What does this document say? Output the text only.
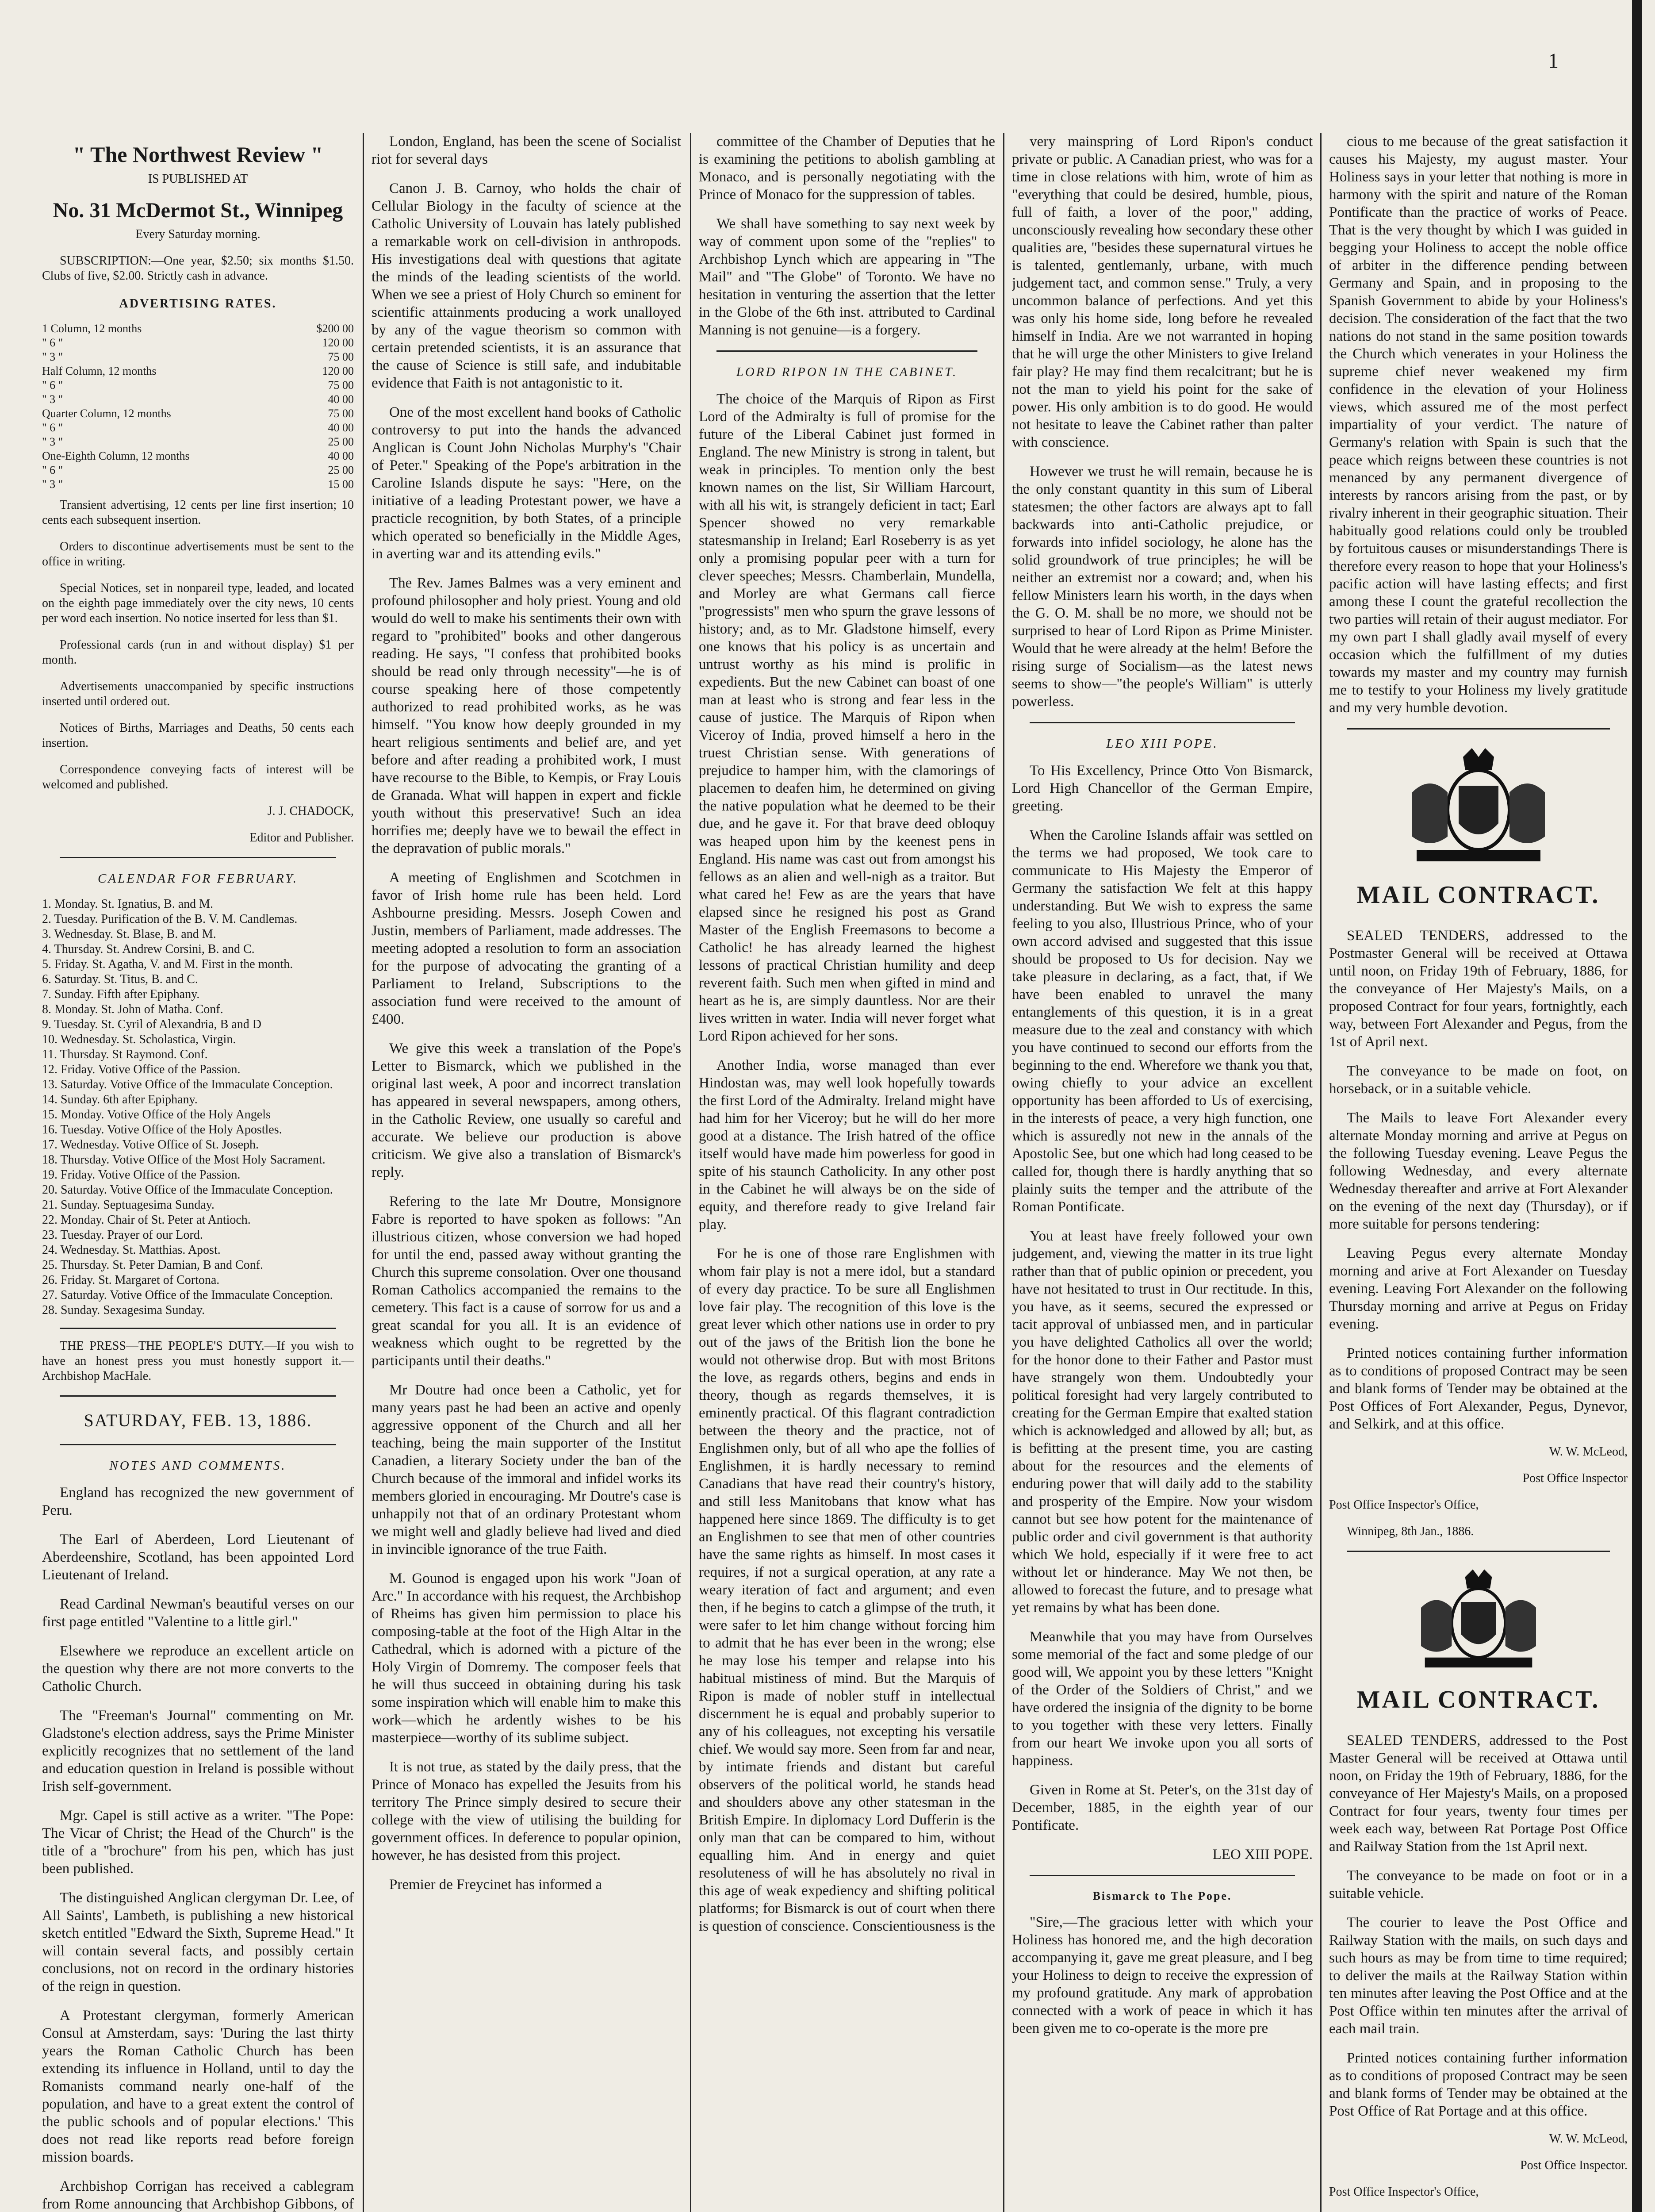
1
" The Northwest Review "

IS PUBLISHED AT

No. 31 McDermot St., Winnipeg

Every Saturday morning.

SUBSCRIPTION:—One year, $2.50; six months $1.50. Clubs of five, $2.00. Strictly cash in advance.

ADVERTISING RATES.
1 Column, 12 months	$200 00
" 6 "	120 00
" 3 "	75 00
Half Column, 12 months	120 00
" 6 "	75 00
" 3 "	40 00
Quarter Column, 12 months	75 00
" 6 "	40 00
" 3 "	25 00
One-Eighth Column, 12 months	40 00
" 6 "	25 00
" 3 "	15 00

Transient advertising, 12 cents per line first insertion; 10 cents each subsequent insertion.

Orders to discontinue advertisements must be sent to the office in writing.

Special Notices, set in nonpareil type, leaded, and located on the eighth page immediately over the city news, 10 cents per word each insertion. No notice inserted for less than $1.

Professional cards (run in and without display) $1 per month.

Advertisements unaccompanied by specific instructions inserted until ordered out.

Notices of Births, Marriages and Deaths, 50 cents each insertion.

Correspondence conveying facts of interest will be welcomed and published.

J. J. CHADOCK,

Editor and Publisher.

CALENDAR FOR FEBRUARY.
1. Monday. St. Ignatius, B. and M.
2. Tuesday. Purification of the B. V. M. Candlemas.
3. Wednesday. St. Blase, B. and M.
4. Thursday. St. Andrew Corsini, B. and C.
5. Friday. St. Agatha, V. and M. First in the month.
6. Saturday. St. Titus, B. and C.
7. Sunday. Fifth after Epiphany.
8. Monday. St. John of Matha. Conf.
9. Tuesday. St. Cyril of Alexandria, B and D
10. Wednesday. St. Scholastica, Virgin.
11. Thursday. St Raymond. Conf.
12. Friday. Votive Office of the Passion.
13. Saturday. Votive Office of the Immaculate Conception.
14. Sunday. 6th after Epiphany.
15. Monday. Votive Office of the Holy Angels
16. Tuesday. Votive Office of the Holy Apostles.
17. Wednesday. Votive Office of St. Joseph.
18. Thursday. Votive Office of the Most Holy Sacrament.
19. Friday. Votive Office of the Passion.
20. Saturday. Votive Office of the Immaculate Conception.
21. Sunday. Septuagesima Sunday.
22. Monday. Chair of St. Peter at Antioch.
23. Tuesday. Prayer of our Lord.
24. Wednesday. St. Matthias. Apost.
25. Thursday. St. Peter Damian, B and Conf.
26. Friday. St. Margaret of Cortona.
27. Saturday. Votive Office of the Immaculate Conception.
28. Sunday. Sexagesima Sunday.

THE PRESS—THE PEOPLE'S DUTY.—If you wish to have an honest press you must honestly support it.—Archbishop MacHale.

SATURDAY, FEB. 13, 1886.
NOTES AND COMMENTS.

England has recognized the new government of Peru.

The Earl of Aberdeen, Lord Lieutenant of Aberdeenshire, Scotland, has been appointed Lord Lieutenant of Ireland.

Read Cardinal Newman's beautiful verses on our first page entitled "Valentine to a little girl."

Elsewhere we reproduce an excellent article on the question why there are not more converts to the Catholic Church.

The "Freeman's Journal" commenting on Mr. Gladstone's election address, says the Prime Minister explicitly recognizes that no settlement of the land and education question in Ireland is possible without Irish self-government.

Mgr. Capel is still active as a writer. "The Pope: The Vicar of Christ; the Head of the Church" is the title of a "brochure" from his pen, which has just been published.

The distinguished Anglican clergyman Dr. Lee, of All Saints', Lambeth, is publishing a new historical sketch entitled "Edward the Sixth, Supreme Head." It will contain several facts, and possibly certain conclusions, not on record in the ordinary histories of the reign in question.

A Protestant clergyman, formerly American Consul at Amsterdam, says: 'During the last thirty years the Roman Catholic Church has been extending its influence in Holland, until to day the Romanists command nearly one-half of the population, and have to a great extent the control of the public schools and of popular elections.' This does not read like reports read before foreign mission boards.

Archbishop Corrigan has received a cablegram from Rome announcing that Archbishop Gibbons, of

London, England, has been the scene of Socialist riot for several days

Canon J. B. Carnoy, who holds the chair of Cellular Biology in the faculty of science at the Catholic University of Louvain has lately published a remarkable work on cell-division in anthropods. His investigations deal with questions that agitate the minds of the leading scientists of the world. When we see a priest of Holy Church so eminent for scientific attainments producing a work unalloyed by any of the vague theorism so common with certain pretended scientists, it is an assurance that the cause of Science is still safe, and indubitable evidence that Faith is not antagonistic to it.

One of the most excellent hand books of Catholic controversy to put into the hands the advanced Anglican is Count John Nicholas Murphy's "Chair of Peter." Speaking of the Pope's arbitration in the Caroline Islands dispute he says: "Here, on the initiative of a leading Protestant power, we have a practicle recognition, by both States, of a principle which operated so beneficially in the Middle Ages, in averting war and its attending evils."

The Rev. James Balmes was a very eminent and profound philosopher and holy priest. Young and old would do well to make his sentiments their own with regard to "prohibited" books and other dangerous reading. He says, "I confess that prohibited books should be read only through necessity"—he is of course speaking here of those competently authorized to read prohibited works, as he was himself. "You know how deeply grounded in my heart religious sentiments and belief are, and yet before and after reading a prohibited work, I must have recourse to the Bible, to Kempis, or Fray Louis de Granada. What will happen in expert and fickle youth without this preservative! Such an idea horrifies me; deeply have we to bewail the effect in the depravation of public morals."

A meeting of Englishmen and Scotchmen in favor of Irish home rule has been held. Lord Ashbourne presiding. Messrs. Joseph Cowen and Justin, members of Parliament, made addresses. The meeting adopted a resolution to form an association for the purpose of advocating the granting of a Parliament to Ireland, Subscriptions to the association fund were received to the amount of £400.

We give this week a translation of the Pope's Letter to Bismarck, which we published in the original last week, A poor and incorrect translation has appeared in several newspapers, among others, in the Catholic Review, one usually so careful and accurate. We believe our production is above criticism. We give also a translation of Bismarck's reply.

Refering to the late Mr Doutre, Monsignore Fabre is reported to have spoken as follows: "An illustrious citizen, whose conversion we had hoped for until the end, passed away without granting the Church this supreme consolation. Over one thousand Roman Catholics accompanied the remains to the cemetery. This fact is a cause of sorrow for us and a great scandal for you all. It is an evidence of weakness which ought to be regretted by the participants until their deaths."

Mr Doutre had once been a Catholic, yet for many years past he had been an active and openly aggressive opponent of the Church and all her teaching, being the main supporter of the Institut Canadien, a literary Society under the ban of the Church because of the immoral and infidel works its members gloried in encouraging. Mr Doutre's case is unhappily not that of an ordinary Protestant whom we might well and gladly believe had lived and died in invincible ignorance of the true Faith.

M. Gounod is engaged upon his work "Joan of Arc." In accordance with his request, the Archbishop of Rheims has given him permission to place his composing-table at the foot of the High Altar in the Cathedral, which is adorned with a picture of the Holy Virgin of Domremy. The composer feels that he will thus succeed in obtaining during his task some inspiration which will enable him to make this work—which he ardently wishes to be his masterpiece—worthy of its sublime subject.

It is not true, as stated by the daily press, that the Prince of Monaco has expelled the Jesuits from his territory The Prince simply desired to secure their college with the view of utilising the building for government offices. In deference to popular opinion, however, he has desisted from this project.

Premier de Freycinet has informed a

committee of the Chamber of Deputies that he is examining the petitions to abolish gambling at Monaco, and is personally negotiating with the Prince of Monaco for the suppression of tables.

We shall have something to say next week by way of comment upon some of the "replies" to Archbishop Lynch which are appearing in "The Mail" and "The Globe" of Toronto. We have no hesitation in venturing the assertion that the letter in the Globe of the 6th inst. attributed to Cardinal Manning is not genuine—is a forgery.

LORD RIPON IN THE CABINET.

The choice of the Marquis of Ripon as First Lord of the Admiralty is full of promise for the future of the Liberal Cabinet just formed in England. The new Ministry is strong in talent, but weak in principles. To mention only the best known names on the list, Sir William Harcourt, with all his wit, is strangely deficient in tact; Earl Spencer showed no very remarkable statesmanship in Ireland; Earl Roseberry is as yet only a promising popular peer with a turn for clever speeches; Messrs. Chamberlain, Mundella, and Morley are what Germans call fierce "progressists" men who spurn the grave lessons of history; and, as to Mr. Gladstone himself, every one knows that his policy is as uncertain and untrust worthy as his mind is prolific in expedients. But the new Cabinet can boast of one man at least who is strong and fear less in the cause of justice. The Marquis of Ripon when Viceroy of India, proved himself a hero in the truest Christian sense. With generations of prejudice to hamper him, with the clamorings of placemen to deafen him, he determined on giving the native population what he deemed to be their due, and he gave it. For that brave deed obloquy was heaped upon him by the keenest pens in England. His name was cast out from amongst his fellows as an alien and well-nigh as a traitor. But what cared he! Few as are the years that have elapsed since he resigned his post as Grand Master of the English Freemasons to become a Catholic! he has already learned the highest lessons of practical Christian humility and deep reverent faith. Such men when gifted in mind and heart as he is, are simply dauntless. Nor are their lives written in water. India will never forget what Lord Ripon achieved for her sons.

Another India, worse managed than ever Hindostan was, may well look hopefully towards the first Lord of the Admiralty. Ireland might have had him for her Viceroy; but he will do her more good at a distance. The Irish hatred of the office itself would have made him powerless for good in spite of his staunch Catholicity. In any other post in the Cabinet he will always be on the side of equity, and therefore ready to give Ireland fair play.

For he is one of those rare Englishmen with whom fair play is not a mere idol, but a standard of every day practice. To be sure all Englishmen love fair play. The recognition of this love is the great lever which other nations use in order to pry out of the jaws of the British lion the bone he would not otherwise drop. But with most Britons the love, as regards others, begins and ends in theory, though as regards themselves, it is eminently practical. Of this flagrant contradiction between the theory and the practice, not of Englishmen only, but of all who ape the follies of Englishmen, it is hardly necessary to remind Canadians that have read their country's history, and still less Manitobans that know what has happened here since 1869. The difficulty is to get an Englishmen to see that men of other countries have the same rights as himself. In most cases it requires, if not a surgical operation, at any rate a weary iteration of fact and argument; and even then, if he begins to catch a glimpse of the truth, it were safer to let him change without forcing him to admit that he has ever been in the wrong; else he may lose his temper and relapse into his habitual mistiness of mind. But the Marquis of Ripon is made of nobler stuff in intellectual discernment he is equal and probably superior to any of his colleagues, not excepting his versatile chief. We would say more. Seen from far and near, by intimate friends and distant but careful observers of the political world, he stands head and shoulders above any other statesman in the British Empire. In diplomacy Lord Dufferin is the only man that can be compared to him, without equalling him. And in energy and quiet resoluteness of will he has absolutely no rival in this age of weak expediency and shifting political platforms; for Bismarck is out of court when there is question of conscience. Conscientiousness is the

very mainspring of Lord Ripon's conduct private or public. A Canadian priest, who was for a time in close relations with him, wrote of him as "everything that could be desired, humble, pious, full of faith, a lover of the poor," adding, unconsciously revealing how secondary these other qualities are, "besides these supernatural virtues he is talented, gentlemanly, urbane, with much judgement tact, and common sense." Truly, a very uncommon balance of perfections. And yet this was only his home side, long before he revealed himself in India. Are we not warranted in hoping that he will urge the other Ministers to give Ireland fair play? He may find them recalcitrant; but he is not the man to yield his point for the sake of power. His only ambition is to do good. He would not hesitate to leave the Cabinet rather than palter with conscience.

However we trust he will remain, because he is the only constant quantity in this sum of Liberal statesmen; the other factors are always apt to fall backwards into anti-Catholic prejudice, or forwards into infidel sociology, he alone has the solid groundwork of true principles; he will be neither an extremist nor a coward; and, when his fellow Ministers learn his worth, in the days when the G. O. M. shall be no more, we should not be surprised to hear of Lord Ripon as Prime Minister. Would that he were already at the helm! Before the rising surge of Socialism—as the latest news seems to show—"the people's William" is utterly powerless.

LEO XIII POPE.

To His Excellency, Prince Otto Von Bismarck, Lord High Chancellor of the German Empire, greeting.

When the Caroline Islands affair was settled on the terms we had proposed, We took care to communicate to His Majesty the Emperor of Germany the satisfaction We felt at this happy understanding. But We wish to express the same feeling to you also, Illustrious Prince, who of your own accord advised and suggested that this issue should be proposed to Us for decision. Nay we take pleasure in declaring, as a fact, that, if We have been enabled to unravel the many entanglements of this question, it is in a great measure due to the zeal and constancy with which you have continued to second our efforts from the beginning to the end. Wherefore we thank you that, owing chiefly to your advice an excellent opportunity has been afforded to Us of exercising, in the interests of peace, a very high function, one which is assuredly not new in the annals of the Apostolic See, but one which had long ceased to be called for, though there is hardly anything that so plainly suits the temper and the attribute of the Roman Pontificate.

You at least have freely followed your own judgement, and, viewing the matter in its true light rather than that of public opinion or precedent, you have not hesitated to trust in Our rectitude. In this, you have, as it seems, secured the expressed or tacit approval of unbiassed men, and in particular you have delighted Catholics all over the world; for the honor done to their Father and Pastor must have strangely won them. Undoubtedly your political foresight had very largely contributed to creating for the German Empire that exalted station which is acknowledged and allowed by all; but, as is befitting at the present time, you are casting about for the resources and the elements of enduring power that will daily add to the stability and prosperity of the Empire. Now your wisdom cannot but see how potent for the maintenance of public order and civil government is that authority which We hold, especially if it were free to act without let or hinderance. May We not then, be allowed to forecast the future, and to presage what yet remains by what has been done.

Meanwhile that you may have from Ourselves some memorial of the fact and some pledge of our good will, We appoint you by these letters "Knight of the Order of the Soldiers of Christ," and we have ordered the insignia of the dignity to be borne to you together with these very letters. Finally from our heart We invoke upon you all sorts of happiness.

Given in Rome at St. Peter's, on the 31st day of December, 1885, in the eighth year of our Pontificate.

LEO XIII POPE.

Bismarck to The Pope.

"Sire,—The gracious letter with which your Holiness has honored me, and the high decoration accompanying it, gave me great pleasure, and I beg your Holiness to deign to receive the expression of my profound gratitude. Any mark of approbation connected with a work of peace in which it has been given me to co-operate is the more pre

cious to me because of the great satisfaction it causes his Majesty, my august master. Your Holiness says in your letter that nothing is more in harmony with the spirit and nature of the Roman Pontificate than the practice of works of Peace. That is the very thought by which I was guided in begging your Holiness to accept the noble office of arbiter in the difference pending between Germany and Spain, and in proposing to the Spanish Government to abide by your Holiness's decision. The consideration of the fact that the two nations do not stand in the same position towards the Church which venerates in your Holiness the supreme chief never weakened my firm confidence in the elevation of your Holiness views, which assured me of the most perfect impartiality of your verdict. The nature of Germany's relation with Spain is such that the peace which reigns between these countries is not menanced by any permanent divergence of interests by rancors arising from the past, or by rivalry inherent in their geographic situation. Their habitually good relations could only be troubled by fortuitous causes or misunderstandings There is therefore every reason to hope that your Holiness's pacific action will have lasting effects; and first among these I count the grateful recollection the two parties will retain of their august mediator. For my own part I shall gladly avail myself of every occasion which the fulfillment of my duties towards my master and my country may furnish me to testify to your Holiness my lively gratitude and my very humble devotion.

MAIL CONTRACT.

SEALED TENDERS, addressed to the Postmaster General will be received at Ottawa until noon, on Friday 19th of February, 1886, for the conveyance of Her Majesty's Mails, on a proposed Contract for four years, fortnightly, each way, between Fort Alexander and Pegus, from the 1st of April next.

The conveyance to be made on foot, on horseback, or in a suitable vehicle.

The Mails to leave Fort Alexander every alternate Monday morning and arrive at Pegus on the following Tuesday evening. Leave Pegus the following Wednesday, and every alternate Wednesday thereafter and arrive at Fort Alexander on the evening of the next day (Thursday), or if more suitable for persons tendering:

Leaving Pegus every alternate Monday morning and arive at Fort Alexander on Tuesday evening. Leaving Fort Alexander on the following Thursday morning and arrive at Pegus on Friday evening.

Printed notices containing further information as to conditions of proposed Contract may be seen and blank forms of Tender may be obtained at the Post Offices of Fort Alexander, Pegus, Dynevor, and Selkirk, and at this office.

W. W. McLeod,

Post Office Inspector

Post Office Inspector's Office,

Winnipeg, 8th Jan., 1886.

MAIL CONTRACT.

SEALED TENDERS, addressed to the Post Master General will be received at Ottawa until noon, on Friday the 19th of February, 1886, for the conveyance of Her Majesty's Mails, on a proposed Contract for four years, twenty four times per week each way, between Rat Portage Post Office and Railway Station from the 1st April next.

The conveyance to be made on foot or in a suitable vehicle.

The courier to leave the Post Office and Railway Station with the mails, on such days and such hours as may be from time to time required; to deliver the mails at the Railway Station within ten minutes after leaving the Post Office and at the Post Office within ten minutes after the arrival of each mail train.

Printed notices containing further information as to conditions of proposed Contract may be seen and blank forms of Tender may be obtained at the Post Office of Rat Portage and at this office.

W. W. McLeod,

Post Office Inspector.

Post Office Inspector's Office,
